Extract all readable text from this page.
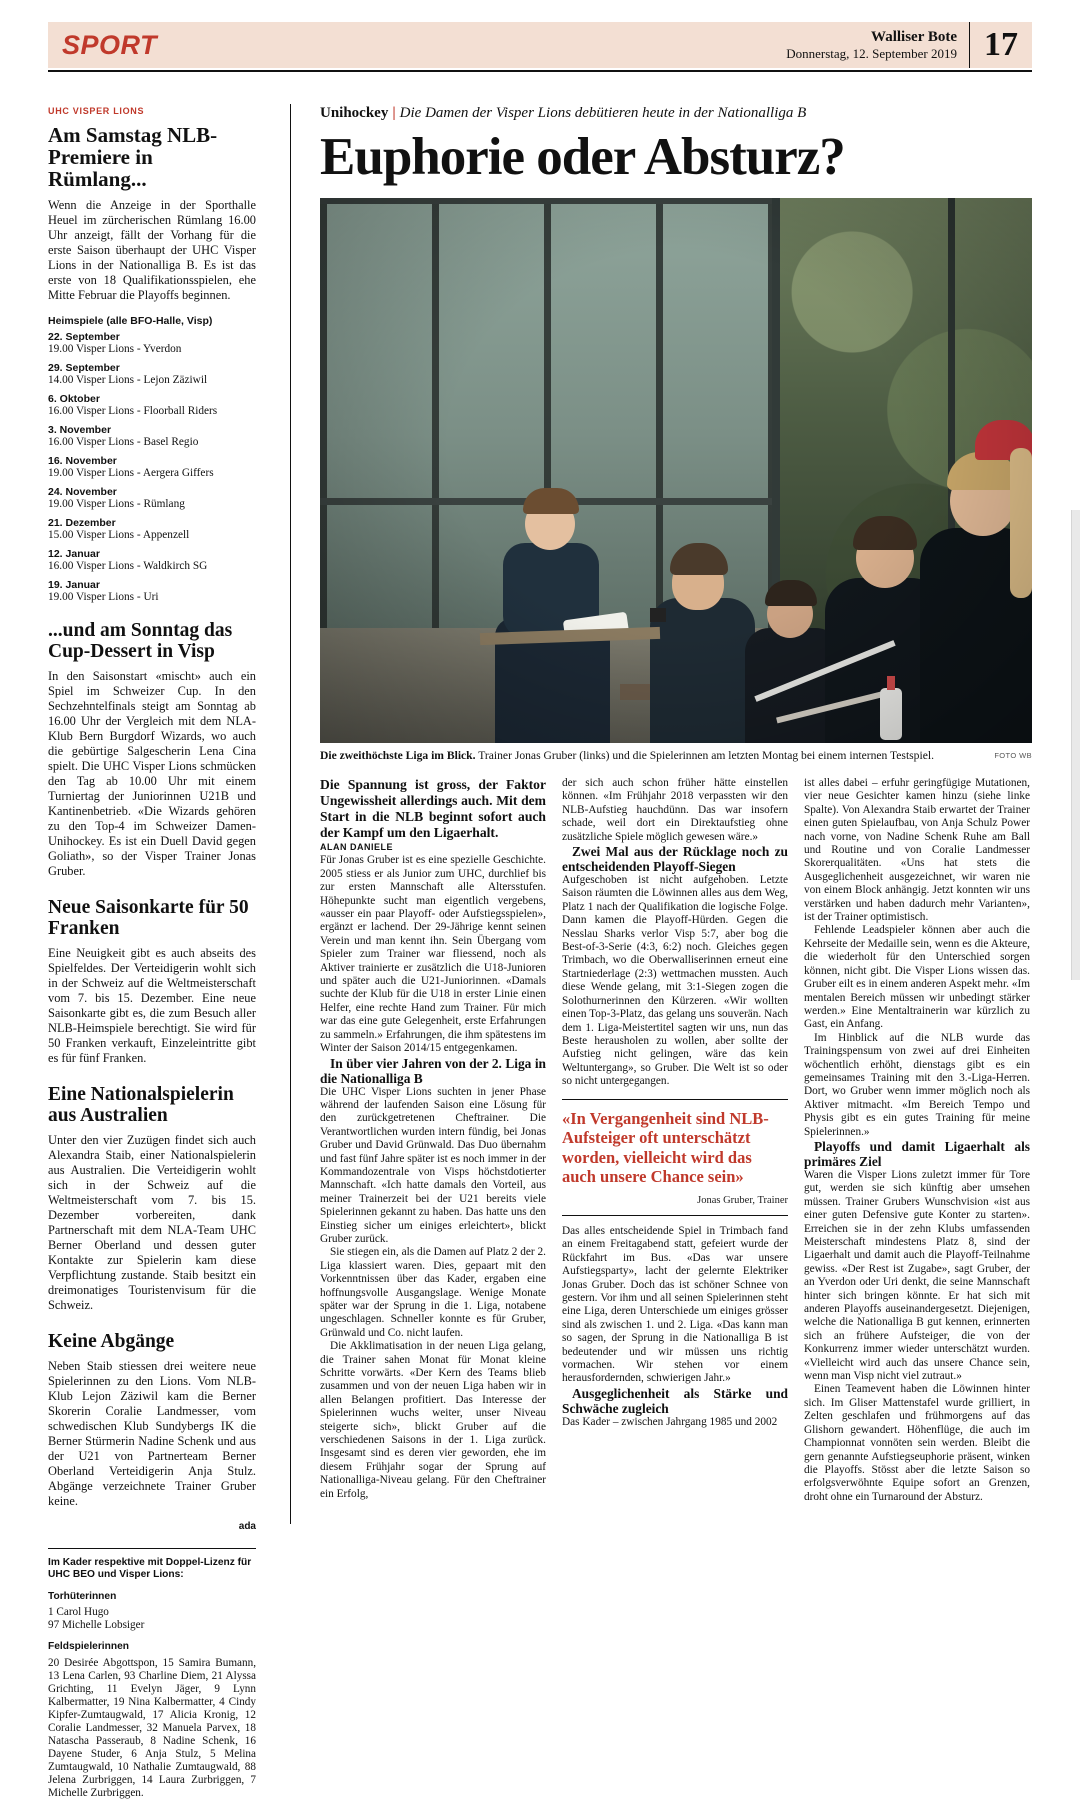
SPORT	Walliser Bote
Donnerstag, 12. September 2019 17
UHC VISPER LIONS
Am Samstag NLB-Premiere in Rümlang...
Wenn die Anzeige in der Sporthalle Heuel im zürcherischen Rümlang 16.00 Uhr anzeigt, fällt der Vorhang für die erste Saison überhaupt der UHC Visper Lions in der Nationalliga B. Es ist das erste von 18 Qualifikationsspielen, ehe Mitte Februar die Playoffs beginnen.
Heimspiele (alle BFO-Halle, Visp)
22. September
19.00 Visper Lions - Yverdon
29. September
14.00 Visper Lions - Lejon Zäziwil
6. Oktober
16.00 Visper Lions - Floorball Riders
3. November
16.00 Visper Lions - Basel Regio
16. November
19.00 Visper Lions - Aergera Giffers
24. November
19.00 Visper Lions - Rümlang
21. Dezember
15.00 Visper Lions - Appenzell
12. Januar
16.00 Visper Lions - Waldkirch SG
19. Januar
19.00 Visper Lions - Uri
...und am Sonntag das Cup-Dessert in Visp
In den Saisonstart «mischt» auch ein Spiel im Schweizer Cup. In den Sechzehntelfinals steigt am Sonntag ab 16.00 Uhr der Vergleich mit dem NLA-Klub Bern Burgdorf Wizards, wo auch die gebürtige Salgescherin Lena Cina spielt. Die UHC Visper Lions schmücken den Tag ab 10.00 Uhr mit einem Turniertag der Juniorinnen U21B und Kantinenbetrieb. «Die Wizards gehören zu den Top-4 im Schweizer Damen-Unihockey. Es ist ein Duell David gegen Goliath», so der Visper Trainer Jonas Gruber.
Neue Saisonkarte für 50 Franken
Eine Neuigkeit gibt es auch abseits des Spielfeldes. Der Verteidigerin wohlt sich in der Schweiz auf die Weltmeisterschaft vom 7. bis 15. Dezember. Eine neue Saisonkarte gibt es, die zum Besuch aller NLB-Heimspiele berechtigt. Sie wird für 50 Franken verkauft, Einzeleintritte gibt es für fünf Franken.
Eine Nationalspielerin aus Australien
Unter den vier Zuzügen findet sich auch Alexandra Staib, einer Nationalspielerin aus Australien. Die Verteidigerin wohlt sich in der Schweiz auf die Weltmeisterschaft vom 7. bis 15. Dezember vorbereiten, dank Partnerschaft mit dem NLA-Team UHC Berner Oberland und dessen guter Kontakte zur Spielerin kam diese Verpflichtung zustande. Staib besitzt ein dreimonatiges Touristenvisum für die Schweiz.
Keine Abgänge
Neben Staib stiessen drei weitere neue Spielerinnen zu den Lions. Vom NLB-Klub Lejon Zäziwil kam die Berner Skorerin Coralie Landmesser, vom schwedischen Klub Sundybergs IK die Berner Stürmerin Nadine Schenk und aus der U21 von Partnerteam Berner Oberland Verteidigerin Anja Stulz. Abgänge verzeichnete Trainer Gruber keine.
ada
Im Kader respektive mit Doppel-Lizenz für UHC BEO und Visper Lions:
Torhüterinnen
1 Carol Hugo
97 Michelle Lobsiger
Feldspielerinnen
20 Desirée Abgottspon, 15 Samira Bumann, 13 Lena Carlen, 93 Charline Diem, 21 Alyssa Grichting, 11 Evelyn Jäger, 9 Lynn Kalbermatter, 19 Nina Kalbermatter, 4 Cindy Kipfer-Zumtaugwald, 17 Alicia Kronig, 12 Coralie Landmesser, 32 Manuela Parvex, 18 Natascha Passeraub, 8 Nadine Schenk, 16 Dayene Studer, 6 Anja Stulz, 5 Melina Zumtaugwald, 10 Nathalie Zumtaugwald, 88 Jelena Zurbriggen, 14 Laura Zurbriggen, 7 Michelle Zurbriggen.
Unihockey | Die Damen der Visper Lions debütieren heute in der Nationalliga B
Euphorie oder Absturz?
Die zweithöchste Liga im Blick. Trainer Jonas Gruber (links) und die Spielerinnen am letzten Montag bei einem internen Testspiel.	FOTO WB

Die Spannung ist gross, der Faktor Ungewissheit allerdings auch. Mit dem Start in die NLB beginnt sofort auch der Kampf um den Ligaerhalt.

ALAN DANIELE

Für Jonas Gruber ist es eine spezielle Geschichte. 2005 stiess er als Junior zum UHC, durchlief bis zur ersten Mannschaft alle Altersstufen. Höhepunkte sucht man eigentlich vergebens, «ausser ein paar Playoff- oder Aufstiegsspielen», ergänzt er lachend. Der 29-Jährige kennt seinen Verein und man kennt ihn. Sein Übergang vom Spieler zum Trainer war fliessend, noch als Aktiver trainierte er zusätzlich die U18-Junioren und später auch die U21-Juniorinnen. «Damals suchte der Klub für die U18 in erster Linie einen Helfer, eine rechte Hand zum Trainer. Für mich war das eine gute Gelegenheit, erste Erfahrungen zu sammeln.» Erfahrungen, die ihm spätestens im Winter der Saison 2014/15 entgegenkamen.

In über vier Jahren von der 2. Liga in die Nationalliga B

Die UHC Visper Lions suchten in jener Phase während der laufenden Saison eine Lösung für den zurückgetretenen Cheftrainer. Die Verantwortlichen wurden intern fündig, bei Jonas Gruber und David Grünwald. Das Duo übernahm und fast fünf Jahre später ist es noch immer in der Kommandozentrale von Visps höchstdotierter Mannschaft. «Ich hatte damals den Vorteil, aus meiner Trainerzeit bei der U21 bereits viele Spielerinnen gekannt zu haben. Das hatte uns den Einstieg sicher um einiges erleichtert», blickt Gruber zurück.

Sie stiegen ein, als die Damen auf Platz 2 der 2. Liga klassiert waren. Dies, gepaart mit den Vorkenntnissen über das Kader, ergaben eine hoffnungsvolle Ausgangslage. Wenige Monate später war der Sprung in die 1. Liga, notabene ungeschlagen. Schneller konnte es für Gruber, Grünwald und Co. nicht laufen.

Die Akklimatisation in der neuen Liga gelang, die Trainer sahen Monat für Monat kleine Schritte vorwärts. «Der Kern des Teams blieb zusammen und von der neuen Liga haben wir in allen Belangen profitiert. Das Interesse der Spielerinnen wuchs weiter, unser Niveau steigerte sich», blickt Gruber auf die verschiedenen Saisons in der 1. Liga zurück. Insgesamt sind es deren vier geworden, ehe im diesem Frühjahr sogar der Sprung auf Nationalliga-Niveau gelang. Für den Cheftrainer ein Erfolg,

der sich auch schon früher hätte einstellen können. «Im Frühjahr 2018 verpassten wir den NLB-Aufstieg hauchdünn. Das war insofern schade, weil dort ein Direktaufstieg ohne zusätzliche Spiele möglich gewesen wäre.»

Zwei Mal aus der Rücklage noch zu entscheidenden Playoff-Siegen

Aufgeschoben ist nicht aufgehoben. Letzte Saison räumten die Löwinnen alles aus dem Weg, Platz 1 nach der Qualifikation die logische Folge. Dann kamen die Playoff-Hürden. Gegen die Nesslau Sharks verlor Visp 5:7, aber bog die Best-of-3-Serie (4:3, 6:2) noch. Gleiches gegen Trimbach, wo die Oberwalliserinnen erneut eine Startniederlage (2:3) wettmachen mussten. Auch diese Wende gelang, mit 3:1-Siegen zogen die Solothurnerinnen den Kürzeren. «Wir wollten einen Top-3-Platz, das gelang uns souverän. Nach dem 1. Liga-Meistertitel sagten wir uns, nun das Beste herausholen zu wollen, aber sollte der Aufstieg nicht gelingen, wäre das kein Weltuntergang», so Gruber. Die Welt ist so oder so nicht untergegangen.

«In Vergangenheit sind NLB-Aufsteiger oft unterschätzt worden, vielleicht wird das auch unsere Chance sein»
Jonas Gruber, Trainer

Das alles entscheidende Spiel in Trimbach fand an einem Freitagabend statt, gefeiert wurde der Rückfahrt im Bus. «Das war unsere Aufstiegsparty», lacht der gelernte Elektriker Jonas Gruber. Doch das ist schöner Schnee von gestern. Vor ihm und all seinen Spielerinnen steht eine Liga, deren Unterschiede um einiges grösser sind als zwischen 1. und 2. Liga. «Das kann man so sagen, der Sprung in die Nationalliga B ist bedeutender und wir müssen uns richtig vormachen. Wir stehen vor einem herausfordernden, schwierigen Jahr.»

Ausgeglichenheit als Stärke und Schwäche zugleich

Das Kader – zwischen Jahrgang 1985 und 2002

ist alles dabei – erfuhr geringfügige Mutationen, vier neue Gesichter kamen hinzu (siehe linke Spalte). Von Alexandra Staib erwartet der Trainer einen guten Spielaufbau, von Anja Schulz Power nach vorne, von Nadine Schenk Ruhe am Ball und Routine und von Coralie Landmesser Skorerqualitäten. «Uns hat stets die Ausgeglichenheit ausgezeichnet, wir waren nie von einem Block anhängig. Jetzt konnten wir uns verstärken und haben dadurch mehr Varianten», ist der Trainer optimistisch.

Fehlende Leadspieler können aber auch die Kehrseite der Medaille sein, wenn es die Akteure, die wiederholt für den Unterschied sorgen können, nicht gibt. Die Visper Lions wissen das. Gruber eilt es in einem anderen Aspekt mehr. «Im mentalen Bereich müssen wir unbedingt stärker werden.» Eine Mentaltrainerin war kürzlich zu Gast, ein Anfang.

Im Hinblick auf die NLB wurde das Trainingspensum von zwei auf drei Einheiten wöchentlich erhöht, dienstags gibt es ein gemeinsames Training mit den 3.-Liga-Herren. Dort, wo Gruber wenn immer möglich noch als Aktiver mitmacht. «Im Bereich Tempo und Physis gibt es ein gutes Training für meine Spielerinnen.»

Playoffs und damit Ligaerhalt als primäres Ziel

Waren die Visper Lions zuletzt immer für Tore gut, werden sie sich künftig aber umsehen müssen. Trainer Grubers Wunschvision «ist aus einer guten Defensive gute Konter zu starten». Erreichen sie in der zehn Klubs umfassenden Meisterschaft mindestens Platz 8, sind der Ligaerhalt und damit auch die Playoff-Teilnahme gewiss. «Der Rest ist Zugabe», sagt Gruber, der an Yverdon oder Uri denkt, die seine Mannschaft hinter sich bringen könnte. Er hat sich mit anderen Playoffs auseinandergesetzt. Diejenigen, welche die Nationalliga B gut kennen, erinnerten sich an frühere Aufsteiger, die von der Konkurrenz immer wieder unterschätzt wurden. «Vielleicht wird auch das unsere Chance sein, wenn man Visp nicht viel zutraut.»

Einen Teamevent haben die Löwinnen hinter sich. Im Gliser Mattenstafel wurde grilliert, in Zelten geschlafen und frühmorgens auf das Glishorn gewandert. Höhenflüge, die auch im Championnat vonnöten sein werden. Bleibt die gern genannte Aufstiegseuphorie präsent, winken die Playoffs. Stösst aber die letzte Saison so erfolgsverwöhnte Equipe sofort an Grenzen, droht ohne ein Turnaround der Absturz.
